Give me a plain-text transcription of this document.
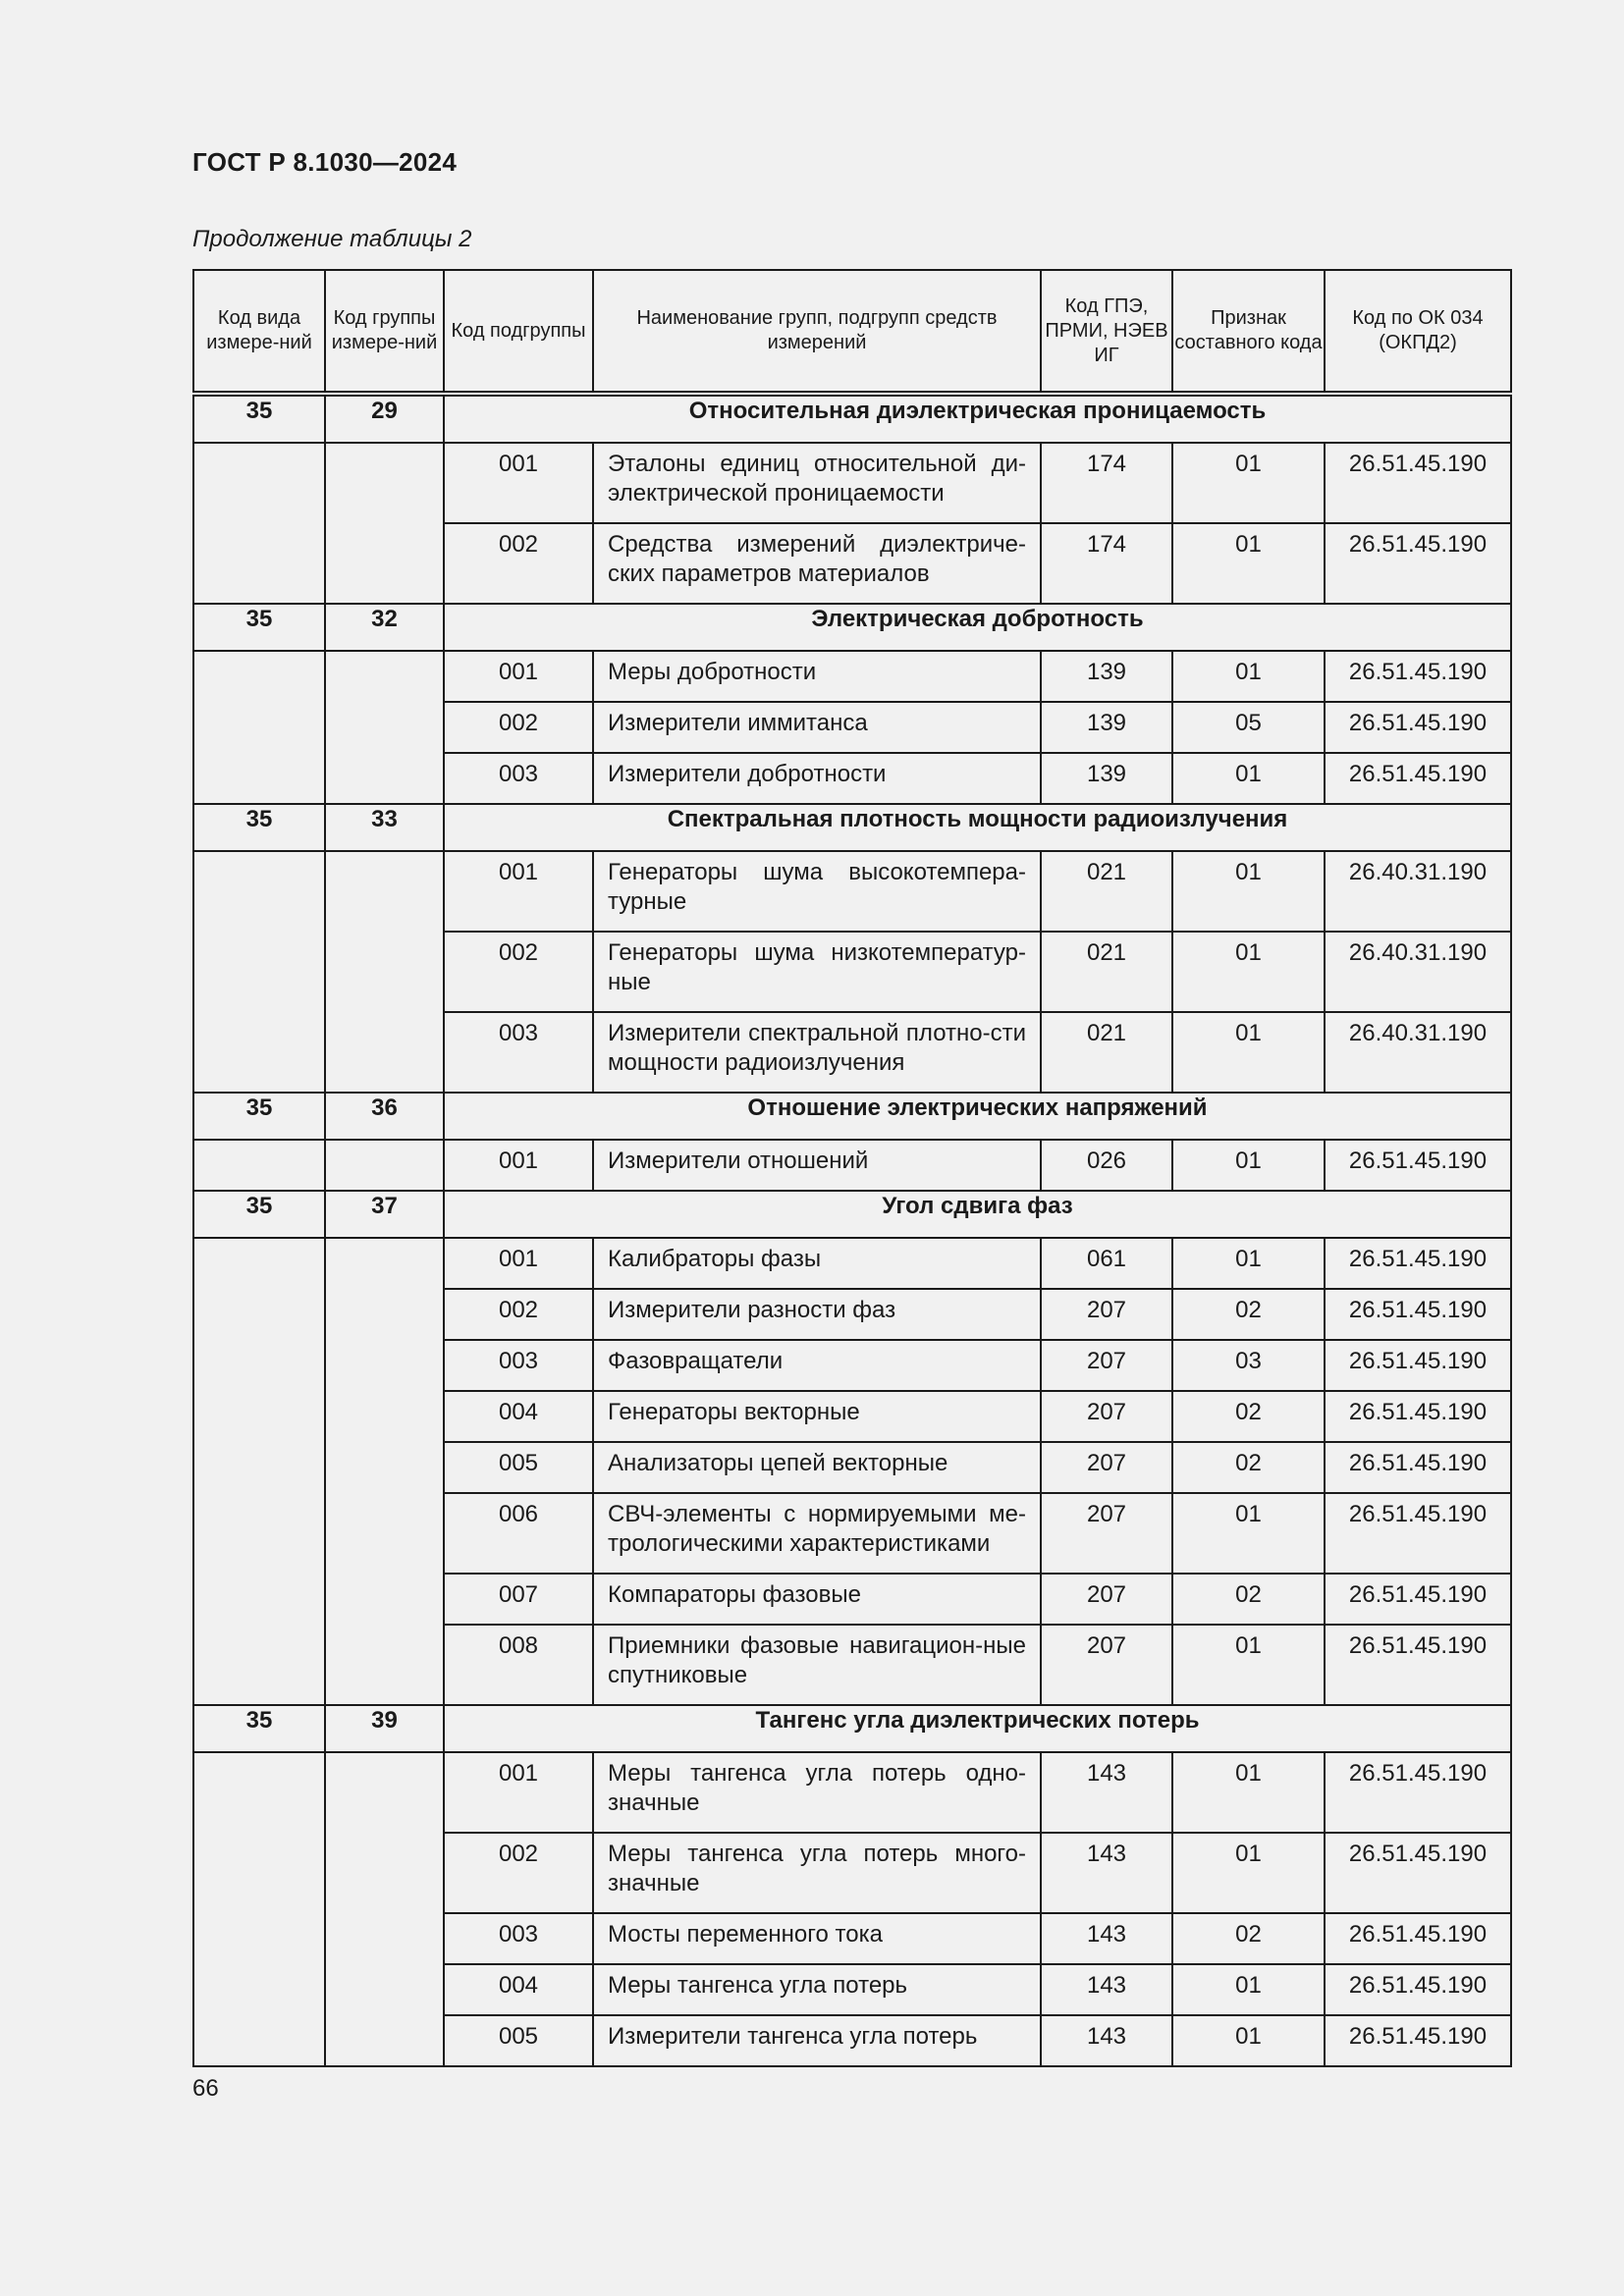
ГОСТ Р 8.1030—2024
Продолжение таблицы 2
Код вида измере-ний	Код группы измере-ний	Код подгруппы	Наименование групп, подгрупп средств измерений	Код ГПЭ, ПРМИ, НЭЕВ ИГ	Признак составного кода	Код по ОК 034 (ОКПД2)
35	29	Относительная диэлектрическая проницаемость				
		001	Эталоны единиц относительной ди-электрической проницаемости	174	01	26.51.45.190
		002	Средства измерений диэлектриче-ских параметров материалов	174	01	26.51.45.190
35	32	Электрическая добротность				
		001	Меры добротности	139	01	26.51.45.190
		002	Измерители иммитанса	139	05	26.51.45.190
		003	Измерители добротности	139	01	26.51.45.190
35	33	Спектральная плотность мощности радиоизлучения				
		001	Генераторы шума высокотемпера-турные	021	01	26.40.31.190
		002	Генераторы шума низкотемператур-ные	021	01	26.40.31.190
		003	Измерители спектральной плотно-сти мощности радиоизлучения	021	01	26.40.31.190
35	36	Отношение электрических напряжений				
		001	Измерители отношений	026	01	26.51.45.190
35	37	Угол сдвига фаз				
		001	Калибраторы фазы	061	01	26.51.45.190
		002	Измерители разности фаз	207	02	26.51.45.190
		003	Фазовращатели	207	03	26.51.45.190
		004	Генераторы векторные	207	02	26.51.45.190
		005	Анализаторы цепей векторные	207	02	26.51.45.190
		006	СВЧ-элементы с нормируемыми ме-трологическими характеристиками	207	01	26.51.45.190
		007	Компараторы фазовые	207	02	26.51.45.190
		008	Приемники фазовые навигацион-ные спутниковые	207	01	26.51.45.190
35	39	Тангенс угла диэлектрических потерь				
		001	Меры тангенса угла потерь одно-значные	143	01	26.51.45.190
		002	Меры тангенса угла потерь много-значные	143	01	26.51.45.190
		003	Мосты переменного тока	143	02	26.51.45.190
		004	Меры тангенса угла потерь	143	01	26.51.45.190
		005	Измерители тангенса угла потерь	143	01	26.51.45.190
66
